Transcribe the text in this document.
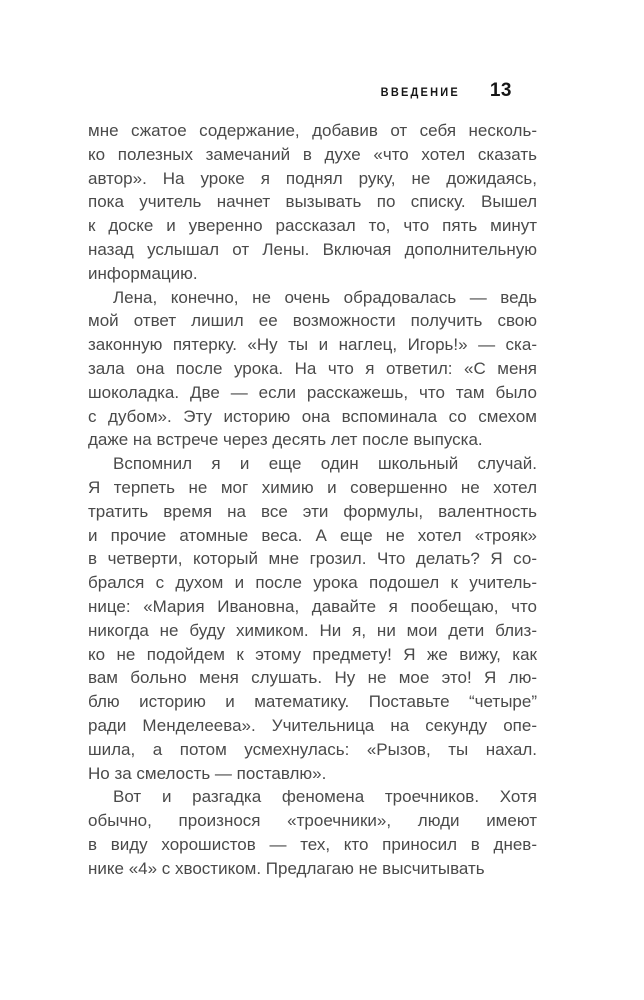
ВВЕДЕНИЕ 13

мне сжатое содержание, добавив от себя несколь-
ко полезных замечаний в духе «что хотел сказать
автор». На уроке я поднял руку, не дожидаясь,
пока учитель начнет вызывать по списку. Вышел
к доске и уверенно рассказал то, что пять минут
назад услышал от Лены. Включая дополнительную
информацию.

Лена, конечно, не очень обрадовалась — ведь
мой ответ лишил ее возможности получить свою
законную пятерку. «Ну ты и наглец, Игорь!» — ска-
зала она после урока. На что я ответил: «С меня
шоколадка. Две — если расскажешь, что там было
с дубом». Эту историю она вспоминала со смехом
даже на встрече через десять лет после выпуска.

Вспомнил я и еще один школьный случай.
Я терпеть не мог химию и совершенно не хотел
тратить время на все эти формулы, валентность
и прочие атомные веса. А еще не хотел «трояк»
в четверти, который мне грозил. Что делать? Я со-
брался с духом и после урока подошел к учитель-
нице: «Мария Ивановна, давайте я пообещаю, что
никогда не буду химиком. Ни я, ни мои дети близ-
ко не подойдем к этому предмету! Я же вижу, как
вам больно меня слушать. Ну не мое это! Я лю-
блю историю и математику. Поставьте “четыре”
ради Менделеева». Учительница на секунду опе-
шила, а потом усмехнулась: «Рызов, ты нахал.
Но за смелость — поставлю».

Вот и разгадка феномена троечников. Хотя
обычно, произнося «троечники», люди имеют
в виду хорошистов — тех, кто приносил в днев-
нике «4» с хвостиком. Предлагаю не высчитывать
